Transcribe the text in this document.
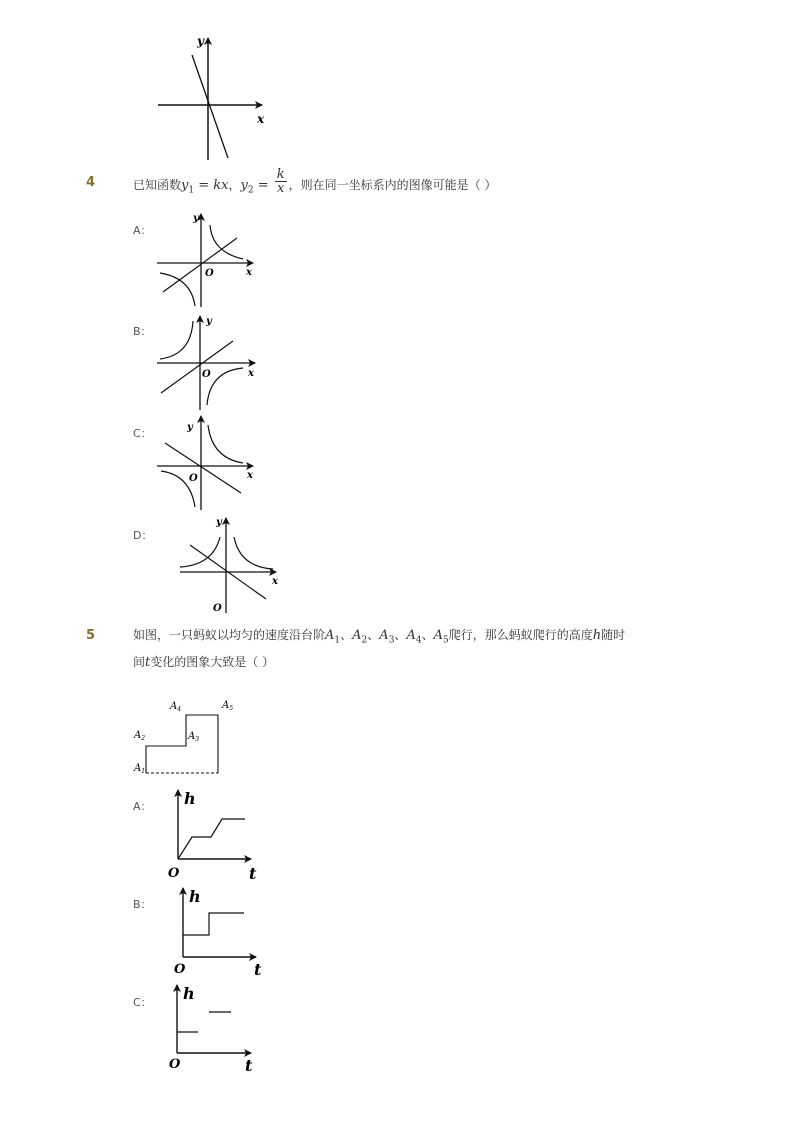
x
y
4	已知函数$y_1$ = kx，$y_2 = \frac{k}{x}$ ，则在同一坐标系内的图像可能是（ ）
A：
x
y
O
B：
x
y
O
C：
x
y
O
D：
x
y
O
5	如图，一只蚂蚁以均匀的速度沿台阶$A_1$、$A_2$、$A_3$、$A_4$、$A_5$爬行，那么蚂蚁爬行的高度h随时
间t变化的图象大致是（ ）
$A_1$
$A_2$	$A_3$
$A_4$	$A_5$
A： h
O	t
B： h
O	t
C： h
O	t
